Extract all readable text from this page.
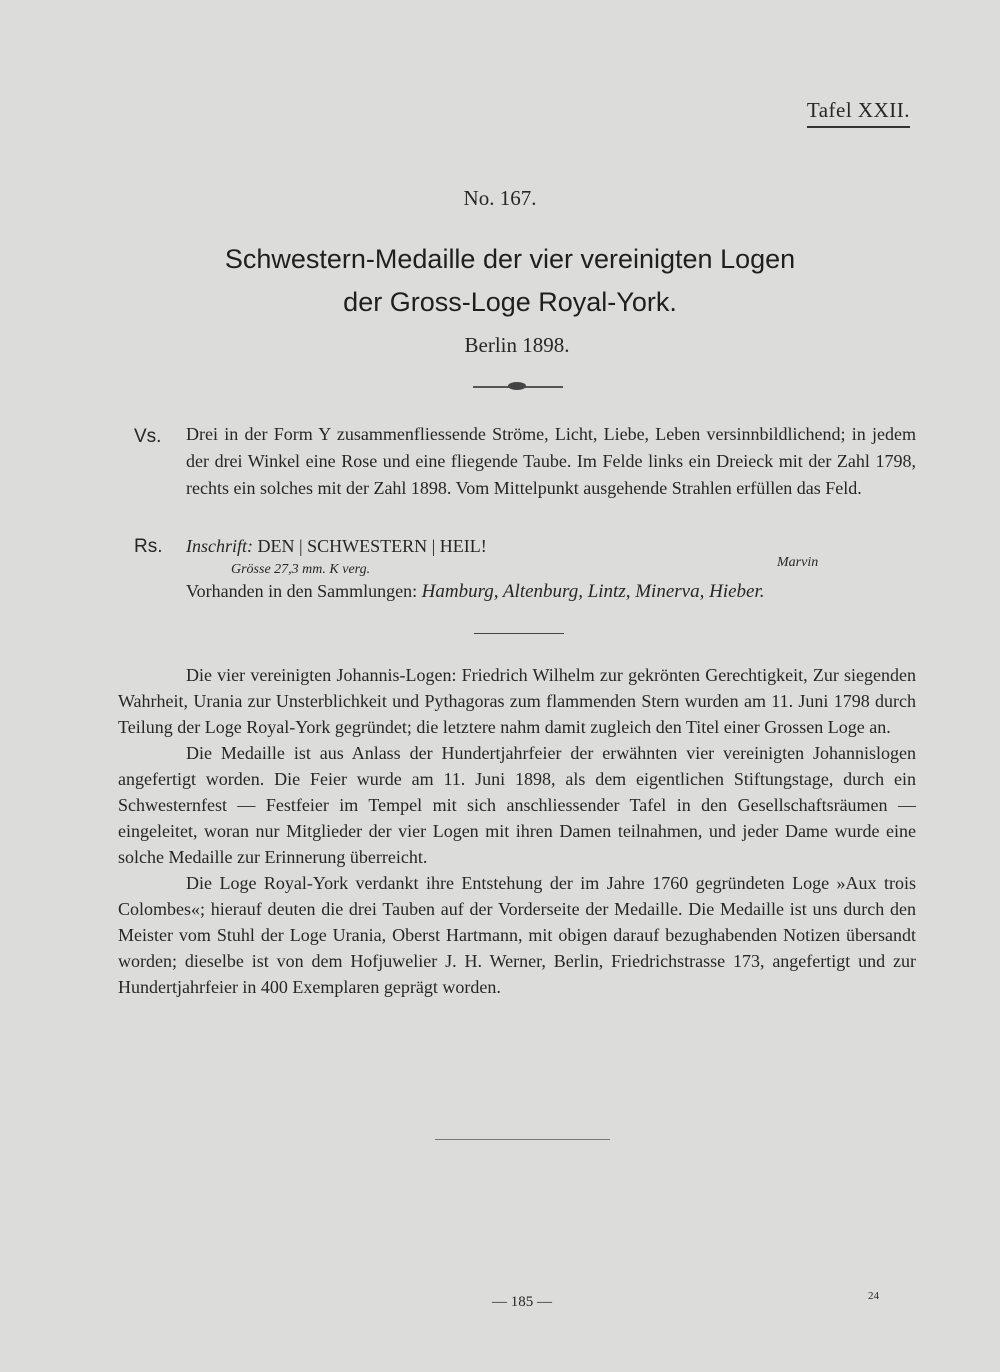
Tafel XXII.
No. 167.
Schwestern-Medaille der vier vereinigten Logen
der Gross-Loge Royal-York.
Berlin 1898.
Vs. Drei in der Form Y zusammenfliessende Ströme, Licht, Liebe, Leben versinnbildlichend; in jedem der drei Winkel eine Rose und eine fliegende Taube. Im Felde links ein Dreieck mit der Zahl 1798, rechts ein solches mit der Zahl 1898. Vom Mittelpunkt ausgehende Strahlen erfüllen das Feld.
Rs. Inschrift: DEN | SCHWESTERN | HEIL!
Grösse 27,3 mm. K verg.	Marvin
Vorhanden in den Sammlungen: Hamburg, Altenburg, Lintz, Minerva, Hieber.

Die vier vereinigten Johannis-Logen: Friedrich Wilhelm zur gekrönten Gerechtigkeit, Zur siegenden Wahrheit, Urania zur Unsterblichkeit und Pythagoras zum flammenden Stern wurden am 11. Juni 1798 durch Teilung der Loge Royal-York gegründet; die letztere nahm damit zugleich den Titel einer Grossen Loge an.

Die Medaille ist aus Anlass der Hundertjahrfeier der erwähnten vier vereinigten Johannislogen angefertigt worden. Die Feier wurde am 11. Juni 1898, als dem eigentlichen Stiftungstage, durch ein Schwesternfest — Festfeier im Tempel mit sich anschliessender Tafel in den Gesellschaftsräumen — eingeleitet, woran nur Mitglieder der vier Logen mit ihren Damen teilnahmen, und jeder Dame wurde eine solche Medaille zur Erinnerung überreicht.

Die Loge Royal-York verdankt ihre Entstehung der im Jahre 1760 gegründeten Loge »Aux trois Colombes«; hierauf deuten die drei Tauben auf der Vorderseite der Medaille. Die Medaille ist uns durch den Meister vom Stuhl der Loge Urania, Oberst Hartmann, mit obigen darauf bezughabenden Notizen übersandt worden; dieselbe ist von dem Hofjuwelier J. H. Werner, Berlin, Friedrichstrasse 173, angefertigt und zur Hundertjahrfeier in 400 Exemplaren geprägt worden.

— 185 —	24
